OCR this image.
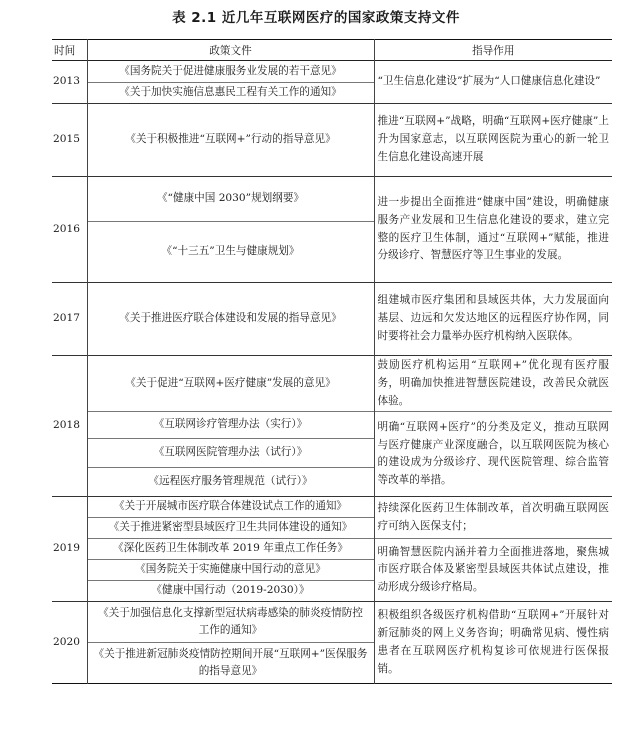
表 2.1 近几年互联网医疗的国家政策支持文件
时间	政策文件	指导作用
2013	《国务院关于促进健康服务业发展的若干意见》	“卫生信息化建设”扩展为“人口健康信息化建设”
	《关于加快实施信息惠民工程有关工作的通知》	
2015	《关于积极推进“互联网+”行动的指导意见》	推进“互联网+”战略，明确“互联网+医疗健康”上升为国家意志，以互联网医院为重心的新一轮卫生信息化建设高速开展
2016	《“健康中国 2030”规划纲要》	进一步提出全面推进“健康中国”建设，明确健康服务产业发展和卫生信息化建设的要求，建立完整的医疗卫生体制，通过“互联网+”赋能，推进分级诊疗、智慧医疗等卫生事业的发展。
	《“十三五”卫生与健康规划》	
2017	《关于推进医疗联合体建设和发展的指导意见》	组建城市医疗集团和县域医共体，大力发展面向基层、边远和欠发达地区的远程医疗协作网，同时要将社会力量举办医疗机构纳入医联体。
2018	《关于促进“互联网+医疗健康”发展的意见》	鼓励医疗机构运用“互联网+”优化现有医疗服务，明确加快推进智慧医院建设，改善民众就医体验。
	《互联网诊疗管理办法（实行）》	明确“互联网+医疗”的分类及定义，推动互联网与医疗健康产业深度融合，以互联网医院为核心的建设成为分级诊疗、现代医院管理、综合监管等改革的举措。
	《互联网医院管理办法（试行）》	
	《远程医疗服务管理规范（试行）》	
2019	《关于开展城市医疗联合体建设试点工作的通知》	持续深化医药卫生体制改革，首次明确互联网医疗可纳入医保支付；
	《关于推进紧密型县域医疗卫生共同体建设的通知》	
	《深化医药卫生体制改革 2019 年重点工作任务》	明确智慧医院内涵并着力全面推进落地，聚焦城市医疗联合体及紧密型县域医共体试点建设，推动形成分级诊疗格局。
	《国务院关于实施健康中国行动的意见》	
	《健康中国行动（2019-2030）》	
2020	《关于加强信息化支撑新型冠状病毒感染的肺炎疫情防控工作的通知》	积极组织各级医疗机构借助“互联网+”开展针对新冠肺炎的网上义务咨询；明确常见病、慢性病患者在互联网医疗机构复诊可依规进行医保报销。
	《关于推进新冠肺炎疫情防控期间开展“互联网+”医保服务的指导意见》	
